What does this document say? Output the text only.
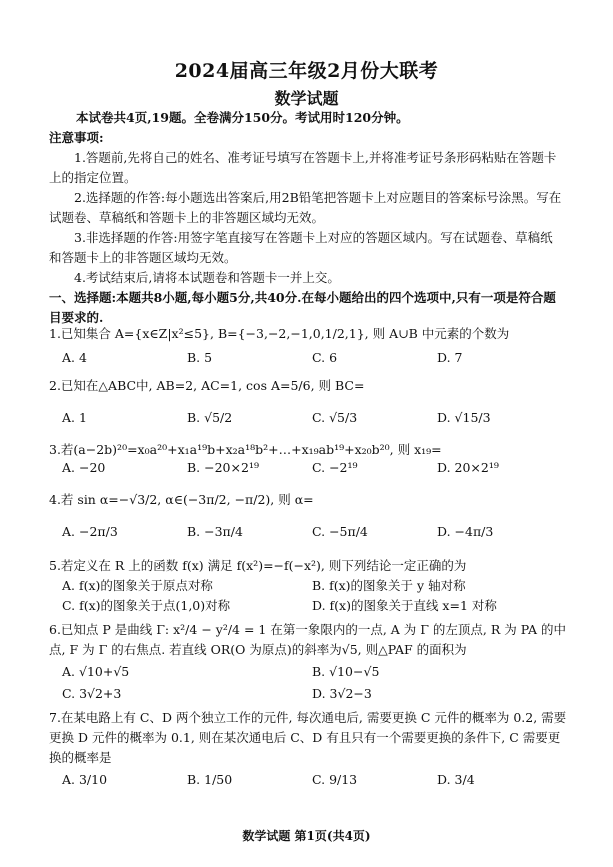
2024届高三年级2月份大联考
数学试题
本试卷共4页,19题。全卷满分150分。考试用时120分钟。
注意事项:
1.答题前,先将自己的姓名、准考证号填写在答题卡上,并将准考证号条形码粘贴在答题卡上的指定位置。
2.选择题的作答:每小题选出答案后,用2B铅笔把答题卡上对应题目的答案标号涂黑。写在试题卷、草稿纸和答题卡上的非答题区域均无效。
3.非选择题的作答:用签字笔直接写在答题卡上对应的答题区域内。写在试题卷、草稿纸和答题卡上的非答题区域均无效。
4.考试结束后,请将本试题卷和答题卡一并上交。
一、选择题:本题共8小题,每小题5分,共40分.在每小题给出的四个选项中,只有一项是符合题目要求的.
1.已知集合 A={x∈Z|x²≤5}, B={−3,−2,−1,0,1/2,1}, 则 A∪B 中元素的个数为
A. 4	B. 5	C. 6	D. 7
2.已知在△ABC中, AB=2, AC=1, cos A=5/6, 则 BC=
A. 1	B. √5/2	C. √5/3	D. √15/3
3.若(a−2b)²⁰=x₀a²⁰+x₁a¹⁹b+x₂a¹⁸b²+…+x₁₉ab¹⁹+x₂₀b²⁰, 则 x₁₉=
A. −20	B. −20×2¹⁹	C. −2¹⁹	D. 20×2¹⁹
4.若 sin α=−√3/2, α∈(−3π/2, −π/2), 则 α=
A. −2π/3	B. −3π/4	C. −5π/4	D. −4π/3
5.若定义在 R 上的函数 f(x) 满足 f(x²)=−f(−x²), 则下列结论一定正确的为
A. f(x)的图象关于原点对称	B. f(x)的图象关于 y 轴对称
C. f(x)的图象关于点(1,0)对称	D. f(x)的图象关于直线 x=1 对称
6.已知点 P 是曲线 Γ: x²/4 − y²/4 = 1 在第一象限内的一点, A 为 Γ 的左顶点, R 为 PA 的中点, F 为 Γ 的右焦点. 若直线 OR(O 为原点)的斜率为√5, 则△PAF 的面积为
A. √10+√5	B. √10−√5
C. 3√2+3	D. 3√2−3
7.在某电路上有 C、D 两个独立工作的元件, 每次通电后, 需要更换 C 元件的概率为 0.2, 需要更换 D 元件的概率为 0.1, 则在某次通电后 C、D 有且只有一个需要更换的条件下, C 需要更换的概率是
A. 3/10	B. 1/50	C. 9/13	D. 3/4
数学试题 第1页(共4页)
